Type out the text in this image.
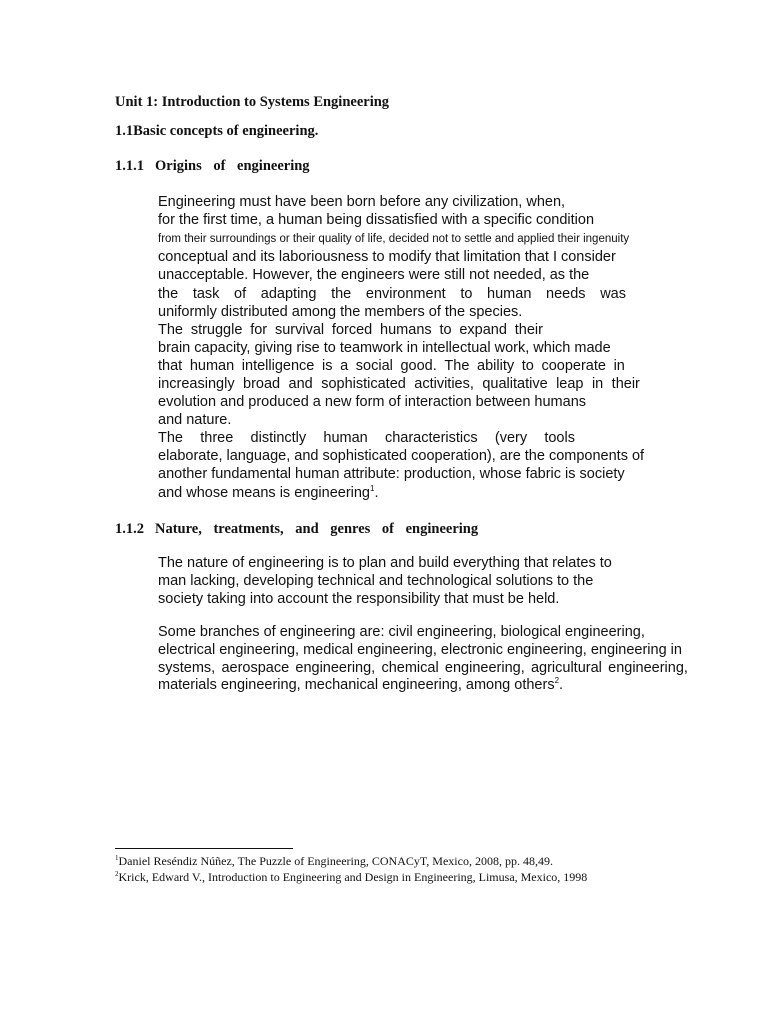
Unit 1: Introduction to Systems Engineering
1.1Basic concepts of engineering.
1.1.1 Origins of engineering
Engineering must have been born before any civilization, when,
for the first time, a human being dissatisfied with a specific condition
from their surroundings or their quality of life, decided not to settle and applied their ingenuity
conceptual and its laboriousness to modify that limitation that I consider
unacceptable. However, the engineers were still not needed, as the
the task of adapting the environment to human needs was
uniformly distributed among the members of the species.
The struggle for survival forced humans to expand their
brain capacity, giving rise to teamwork in intellectual work, which made
that human intelligence is a social good. The ability to cooperate in
increasingly broad and sophisticated activities, qualitative leap in their
evolution and produced a new form of interaction between humans
and nature.
The three distinctly human characteristics (very tools
elaborate, language, and sophisticated cooperation), are the components of
another fundamental human attribute: production, whose fabric is society
and whose means is engineering$^1$.
1.1.2 Nature, treatments, and genres of engineering
The nature of engineering is to plan and build everything that relates to
man lacking, developing technical and technological solutions to the
society taking into account the responsibility that must be held.
Some branches of engineering are: civil engineering, biological engineering,
electrical engineering, medical engineering, electronic engineering, engineering in
systems, aerospace engineering, chemical engineering, agricultural engineering,
materials engineering, mechanical engineering, among others$^2$.
$^1$Daniel Reséndiz Núñez, The Puzzle of Engineering, CONACyT, Mexico, 2008, pp. 48,49.
$^2$Krick, Edward V., Introduction to Engineering and Design in Engineering, Limusa, Mexico, 1998
